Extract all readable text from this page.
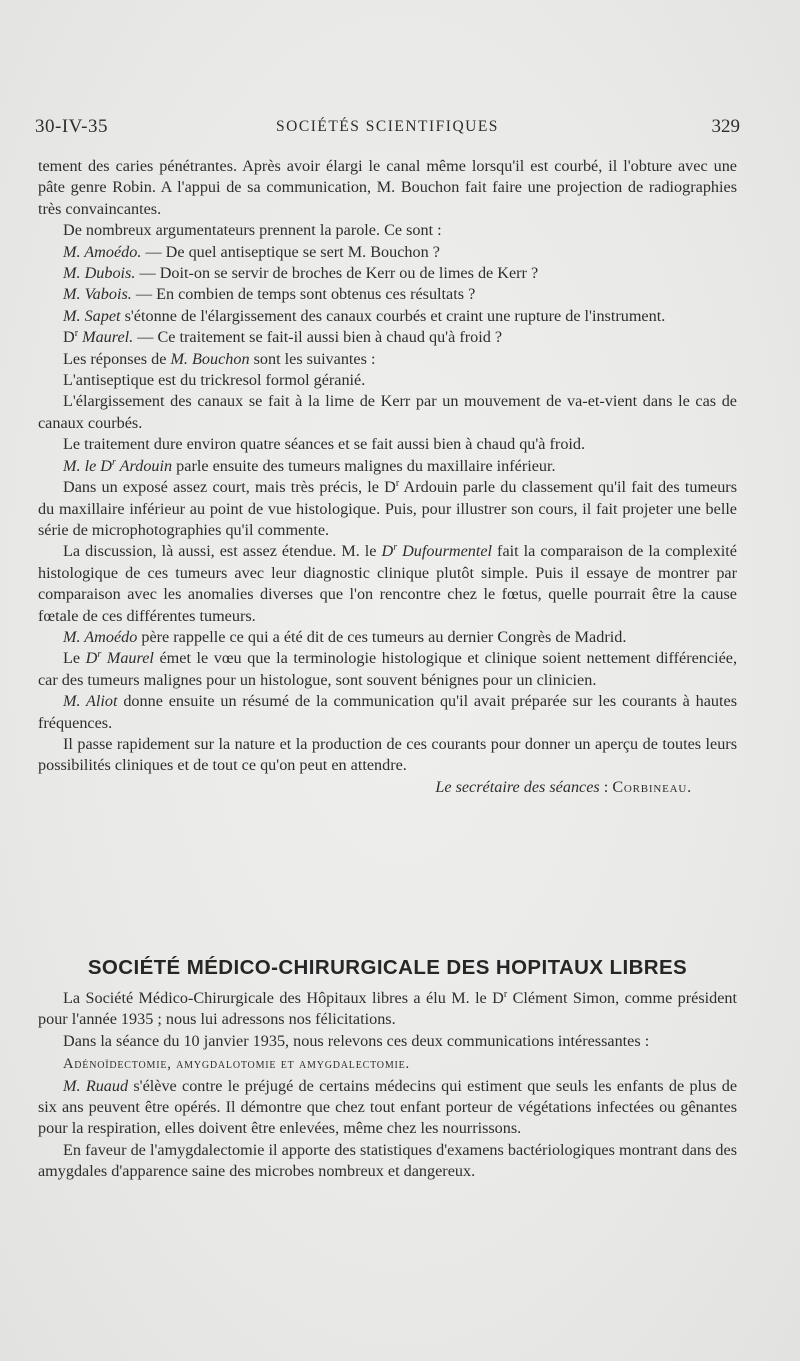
30-IV-35	SOCIÉTÉS SCIENTIFIQUES	329

tement des caries pénétrantes. Après avoir élargi le canal même lorsqu'il est courbé, il l'obture avec une pâte genre Robin. A l'appui de sa communication, M. Bouchon fait faire une projection de radiographies très convaincantes.

De nombreux argumentateurs prennent la parole. Ce sont :

M. Amoédo. — De quel antiseptique se sert M. Bouchon ?

M. Dubois. — Doit-on se servir de broches de Kerr ou de limes de Kerr ?

M. Vabois. — En combien de temps sont obtenus ces résultats ?

M. Sapet s'étonne de l'élargissement des canaux courbés et craint une rupture de l'instrument.

$D^r$ Maurel. — Ce traitement se fait-il aussi bien à chaud qu'à froid ?

Les réponses de M. Bouchon sont les suivantes :

L'antiseptique est du trickresol formol géranié.

L'élargissement des canaux se fait à la lime de Kerr par un mouvement de va-et-vient dans le cas de canaux courbés.

Le traitement dure environ quatre séances et se fait aussi bien à chaud qu'à froid.

M. le $D^r$ Ardouin parle ensuite des tumeurs malignes du maxillaire inférieur.

Dans un exposé assez court, mais très précis, le $D^r$ Ardouin parle du classement qu'il fait des tumeurs du maxillaire inférieur au point de vue histologique. Puis, pour illustrer son cours, il fait projeter une belle série de microphotographies qu'il commente.

La discussion, là aussi, est assez étendue. M. le $D^r$ Dufourmentel fait la comparaison de la complexité histologique de ces tumeurs avec leur diagnostic clinique plutôt simple. Puis il essaye de montrer par comparaison avec les anomalies diverses que l'on rencontre chez le fœtus, quelle pourrait être la cause fœtale de ces différentes tumeurs.

M. Amoédo père rappelle ce qui a été dit de ces tumeurs au dernier Congrès de Madrid.

Le $D^r$ Maurel émet le vœu que la terminologie histologique et clinique soient nettement différenciée, car des tumeurs malignes pour un histologue, sont souvent bénignes pour un clinicien.

M. Aliot donne ensuite un résumé de la communication qu'il avait préparée sur les courants à hautes fréquences.

Il passe rapidement sur la nature et la production de ces courants pour donner un aperçu de toutes leurs possibilités cliniques et de tout ce qu'on peut en attendre.

Le secrétaire des séances : Corbineau.

SOCIÉTÉ MÉDICO-CHIRURGICALE DES HOPITAUX LIBRES

La Société Médico-Chirurgicale des Hôpitaux libres a élu M. le $D^r$ Clément Simon, comme président pour l'année 1935 ; nous lui adressons nos félicitations.

Dans la séance du 10 janvier 1935, nous relevons ces deux communications intéressantes :

Adénoïdectomie, amygdalotomie et amygdalectomie.

M. Ruaud s'élève contre le préjugé de certains médecins qui estiment que seuls les enfants de plus de six ans peuvent être opérés. Il démontre que chez tout enfant porteur de végétations infectées ou gênantes pour la respiration, elles doivent être enlevées, même chez les nourrissons.

En faveur de l'amygdalectomie il apporte des statistiques d'examens bactériologiques montrant dans des amygdales d'apparence saine des microbes nombreux et dangereux.
